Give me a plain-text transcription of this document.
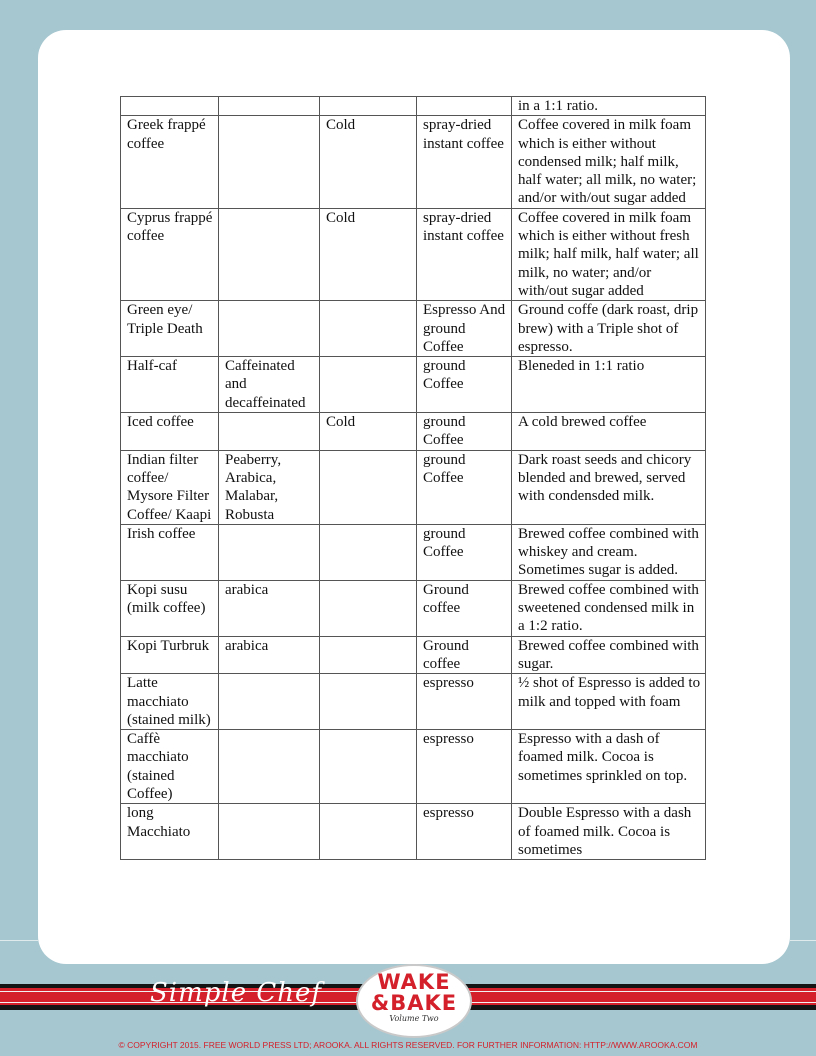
				in a 1:1 ratio.
Greek frappé coffee		Cold	spray-dried instant coffee	Coffee covered in milk foam which is either without condensed milk; half milk, half water; all milk, no water; and/or with/out sugar added
Cyprus frappé coffee		Cold	spray-dried instant coffee	Coffee covered in milk foam which is either without fresh milk; half milk, half water; all milk, no water; and/or with/out sugar added
Green eye/ Triple Death			Espresso And ground Coffee	Ground coffe (dark roast, drip brew) with a Triple shot of espresso.
Half-caf	Caffeinated and decaffeinated		ground Coffee	Bleneded in 1:1 ratio
Iced coffee		Cold	ground Coffee	A cold brewed coffee
Indian filter coffee/ Mysore Filter Coffee/ Kaapi	Peaberry, Arabica, Malabar, Robusta		ground Coffee	Dark roast seeds and chicory blended and brewed, served with condensded milk.
Irish coffee			ground Coffee	Brewed coffee combined with whiskey and cream. Sometimes sugar is added.
Kopi susu (milk coffee)	arabica		Ground coffee	Brewed coffee combined with sweetened condensed milk in a 1:2 ratio.
Kopi Turbruk	arabica		Ground coffee	Brewed coffee combined with sugar.
Latte macchiato (stained milk)			espresso	½ shot of Espresso is added to milk and topped with foam
Caffè macchiato (stained Coffee)			espresso	Espresso with a dash of foamed milk. Cocoa is sometimes sprinkled on top.
long Macchiato			espresso	Double Espresso with a dash of foamed milk. Cocoa is sometimes
Simple Chef	WAKE
&BAKE
Volume Two
© COPYRIGHT 2015. FREE WORLD PRESS LTD; AROOKA. ALL RIGHTS RESERVED. FOR FURTHER INFORMATION: HTTP://WWW.AROOKA.COM
